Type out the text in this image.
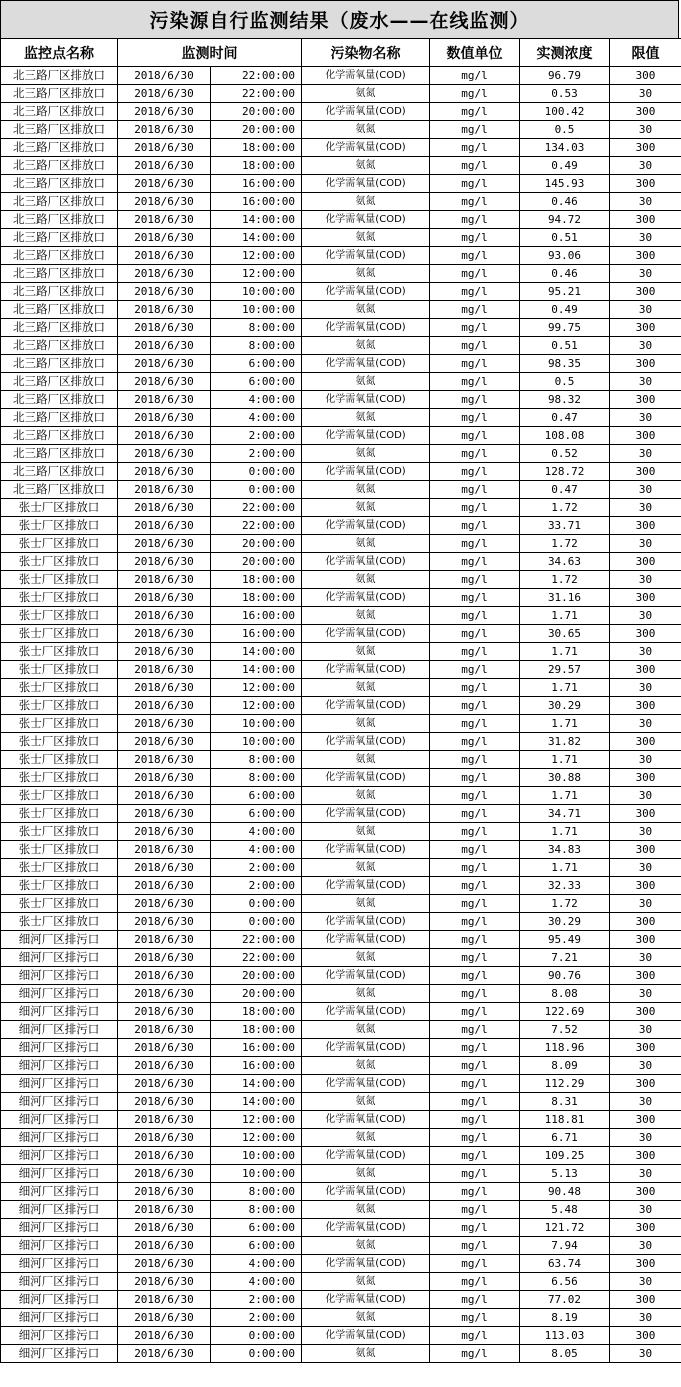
污染源自行监测结果（废水——在线监测）
监控点名称	监测时间		污染物名称	数值单位	实测浓度	限值
北三路厂区排放口	2018/6/30	22:00:00	化学需氧量(COD)	mg/l	96.79	300
北三路厂区排放口	2018/6/30	22:00:00	氨氮	mg/l	0.53	30
北三路厂区排放口	2018/6/30	20:00:00	化学需氧量(COD)	mg/l	100.42	300
北三路厂区排放口	2018/6/30	20:00:00	氨氮	mg/l	0.5	30
北三路厂区排放口	2018/6/30	18:00:00	化学需氧量(COD)	mg/l	134.03	300
北三路厂区排放口	2018/6/30	18:00:00	氨氮	mg/l	0.49	30
北三路厂区排放口	2018/6/30	16:00:00	化学需氧量(COD)	mg/l	145.93	300
北三路厂区排放口	2018/6/30	16:00:00	氨氮	mg/l	0.46	30
北三路厂区排放口	2018/6/30	14:00:00	化学需氧量(COD)	mg/l	94.72	300
北三路厂区排放口	2018/6/30	14:00:00	氨氮	mg/l	0.51	30
北三路厂区排放口	2018/6/30	12:00:00	化学需氧量(COD)	mg/l	93.06	300
北三路厂区排放口	2018/6/30	12:00:00	氨氮	mg/l	0.46	30
北三路厂区排放口	2018/6/30	10:00:00	化学需氧量(COD)	mg/l	95.21	300
北三路厂区排放口	2018/6/30	10:00:00	氨氮	mg/l	0.49	30
北三路厂区排放口	2018/6/30	8:00:00	化学需氧量(COD)	mg/l	99.75	300
北三路厂区排放口	2018/6/30	8:00:00	氨氮	mg/l	0.51	30
北三路厂区排放口	2018/6/30	6:00:00	化学需氧量(COD)	mg/l	98.35	300
北三路厂区排放口	2018/6/30	6:00:00	氨氮	mg/l	0.5	30
北三路厂区排放口	2018/6/30	4:00:00	化学需氧量(COD)	mg/l	98.32	300
北三路厂区排放口	2018/6/30	4:00:00	氨氮	mg/l	0.47	30
北三路厂区排放口	2018/6/30	2:00:00	化学需氧量(COD)	mg/l	108.08	300
北三路厂区排放口	2018/6/30	2:00:00	氨氮	mg/l	0.52	30
北三路厂区排放口	2018/6/30	0:00:00	化学需氧量(COD)	mg/l	128.72	300
北三路厂区排放口	2018/6/30	0:00:00	氨氮	mg/l	0.47	30
张士厂区排放口	2018/6/30	22:00:00	氨氮	mg/l	1.72	30
张士厂区排放口	2018/6/30	22:00:00	化学需氧量(COD)	mg/l	33.71	300
张士厂区排放口	2018/6/30	20:00:00	氨氮	mg/l	1.72	30
张士厂区排放口	2018/6/30	20:00:00	化学需氧量(COD)	mg/l	34.63	300
张士厂区排放口	2018/6/30	18:00:00	氨氮	mg/l	1.72	30
张士厂区排放口	2018/6/30	18:00:00	化学需氧量(COD)	mg/l	31.16	300
张士厂区排放口	2018/6/30	16:00:00	氨氮	mg/l	1.71	30
张士厂区排放口	2018/6/30	16:00:00	化学需氧量(COD)	mg/l	30.65	300
张士厂区排放口	2018/6/30	14:00:00	氨氮	mg/l	1.71	30
张士厂区排放口	2018/6/30	14:00:00	化学需氧量(COD)	mg/l	29.57	300
张士厂区排放口	2018/6/30	12:00:00	氨氮	mg/l	1.71	30
张士厂区排放口	2018/6/30	12:00:00	化学需氧量(COD)	mg/l	30.29	300
张士厂区排放口	2018/6/30	10:00:00	氨氮	mg/l	1.71	30
张士厂区排放口	2018/6/30	10:00:00	化学需氧量(COD)	mg/l	31.82	300
张士厂区排放口	2018/6/30	8:00:00	氨氮	mg/l	1.71	30
张士厂区排放口	2018/6/30	8:00:00	化学需氧量(COD)	mg/l	30.88	300
张士厂区排放口	2018/6/30	6:00:00	氨氮	mg/l	1.71	30
张士厂区排放口	2018/6/30	6:00:00	化学需氧量(COD)	mg/l	34.71	300
张士厂区排放口	2018/6/30	4:00:00	氨氮	mg/l	1.71	30
张士厂区排放口	2018/6/30	4:00:00	化学需氧量(COD)	mg/l	34.83	300
张士厂区排放口	2018/6/30	2:00:00	氨氮	mg/l	1.71	30
张士厂区排放口	2018/6/30	2:00:00	化学需氧量(COD)	mg/l	32.33	300
张士厂区排放口	2018/6/30	0:00:00	氨氮	mg/l	1.72	30
张士厂区排放口	2018/6/30	0:00:00	化学需氧量(COD)	mg/l	30.29	300
细河厂区排污口	2018/6/30	22:00:00	化学需氧量(COD)	mg/l	95.49	300
细河厂区排污口	2018/6/30	22:00:00	氨氮	mg/l	7.21	30
细河厂区排污口	2018/6/30	20:00:00	化学需氧量(COD)	mg/l	90.76	300
细河厂区排污口	2018/6/30	20:00:00	氨氮	mg/l	8.08	30
细河厂区排污口	2018/6/30	18:00:00	化学需氧量(COD)	mg/l	122.69	300
细河厂区排污口	2018/6/30	18:00:00	氨氮	mg/l	7.52	30
细河厂区排污口	2018/6/30	16:00:00	化学需氧量(COD)	mg/l	118.96	300
细河厂区排污口	2018/6/30	16:00:00	氨氮	mg/l	8.09	30
细河厂区排污口	2018/6/30	14:00:00	化学需氧量(COD)	mg/l	112.29	300
细河厂区排污口	2018/6/30	14:00:00	氨氮	mg/l	8.31	30
细河厂区排污口	2018/6/30	12:00:00	化学需氧量(COD)	mg/l	118.81	300
细河厂区排污口	2018/6/30	12:00:00	氨氮	mg/l	6.71	30
细河厂区排污口	2018/6/30	10:00:00	化学需氧量(COD)	mg/l	109.25	300
细河厂区排污口	2018/6/30	10:00:00	氨氮	mg/l	5.13	30
细河厂区排污口	2018/6/30	8:00:00	化学需氧量(COD)	mg/l	90.48	300
细河厂区排污口	2018/6/30	8:00:00	氨氮	mg/l	5.48	30
细河厂区排污口	2018/6/30	6:00:00	化学需氧量(COD)	mg/l	121.72	300
细河厂区排污口	2018/6/30	6:00:00	氨氮	mg/l	7.94	30
细河厂区排污口	2018/6/30	4:00:00	化学需氧量(COD)	mg/l	63.74	300
细河厂区排污口	2018/6/30	4:00:00	氨氮	mg/l	6.56	30
细河厂区排污口	2018/6/30	2:00:00	化学需氧量(COD)	mg/l	77.02	300
细河厂区排污口	2018/6/30	2:00:00	氨氮	mg/l	8.19	30
细河厂区排污口	2018/6/30	0:00:00	化学需氧量(COD)	mg/l	113.03	300
细河厂区排污口	2018/6/30	0:00:00	氨氮	mg/l	8.05	30
